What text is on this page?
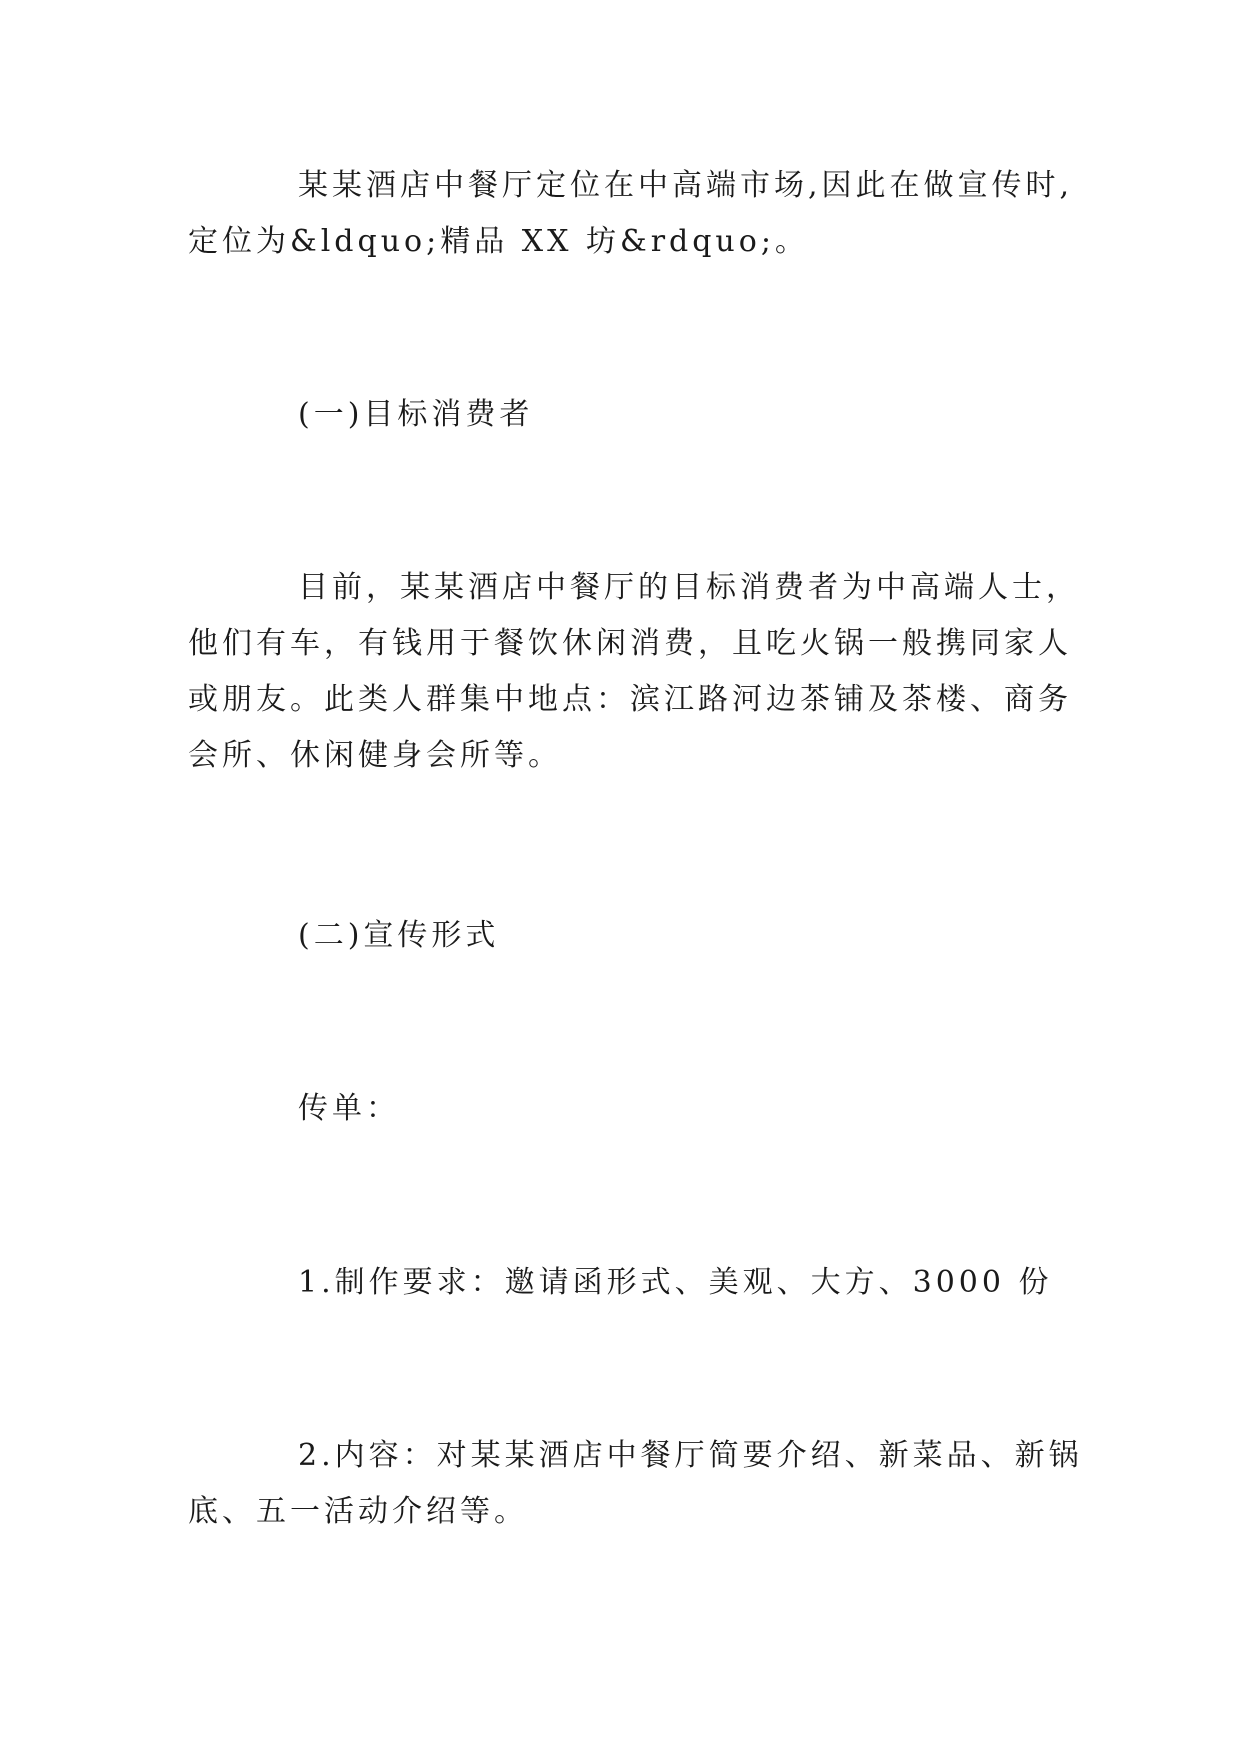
某某酒店中餐厅定位在中高端市场,因此在做宣传时,

定位为&ldquo;精品 XX 坊&rdquo;。

(一)目标消费者

目前，某某酒店中餐厅的目标消费者为中高端人士，

他们有车，有钱用于餐饮休闲消费，且吃火锅一般携同家人

或朋友。此类人群集中地点：滨江路河边茶铺及茶楼、商务

会所、休闲健身会所等。

(二)宣传形式

传单：

1.制作要求：邀请函形式、美观、大方、3000 份

2.内容：对某某酒店中餐厅简要介绍、新菜品、新锅

底、五一活动介绍等。
